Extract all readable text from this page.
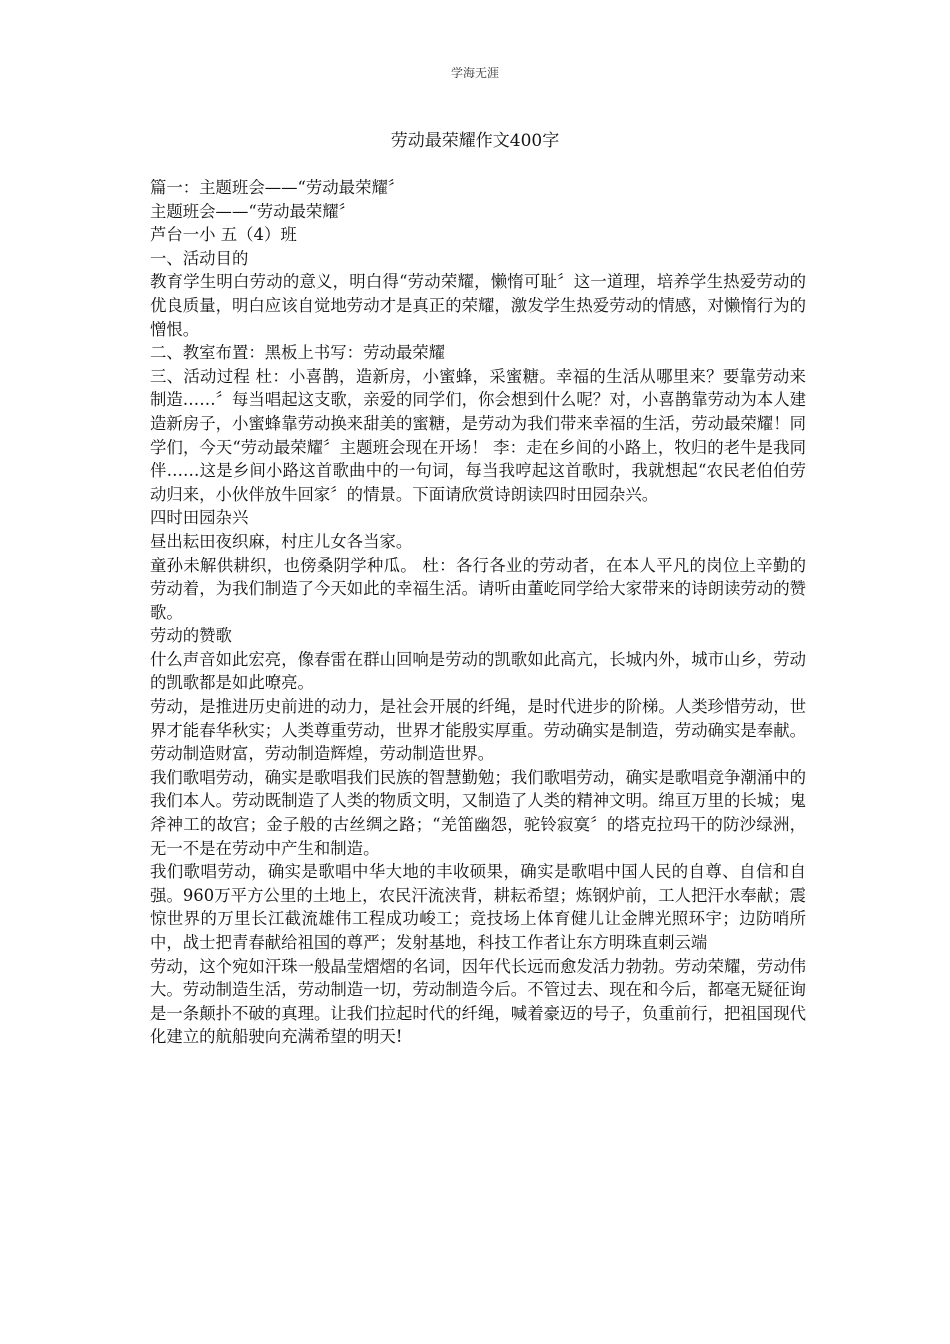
学海无涯
劳动最荣耀作文400字

篇一：主题班会——“劳动最荣耀〞

主题班会——“劳动最荣耀〞

芦台一小 五（4）班

一、活动目的

教育学生明白劳动的意义，明白得“劳动荣耀，懒惰可耻〞这一道理，培养学生热爱劳动的优良质量，明白应该自觉地劳动才是真正的荣耀，激发学生热爱劳动的情感，对懒惰行为的憎恨。

二、教室布置：黑板上书写：劳动最荣耀

三、活动过程 杜：小喜鹊，造新房，小蜜蜂，采蜜糖。幸福的生活从哪里来？要靠劳动来制造……〞每当唱起这支歌，亲爱的同学们，你会想到什么呢？对，小喜鹊靠劳动为本人建造新房子，小蜜蜂靠劳动换来甜美的蜜糖，是劳动为我们带来幸福的生活，劳动最荣耀！同学们，今天“劳动最荣耀〞主题班会现在开场！ 李：走在乡间的小路上，牧归的老牛是我同伴……这是乡间小路这首歌曲中的一句词，每当我哼起这首歌时，我就想起“农民老伯伯劳动归来，小伙伴放牛回家〞的情景。下面请欣赏诗朗读四时田园杂兴。

四时田园杂兴

昼出耘田夜织麻，村庄儿女各当家。

童孙未解供耕织，也傍桑阴学种瓜。 杜：各行各业的劳动者，在本人平凡的岗位上辛勤的劳动着，为我们制造了今天如此的幸福生活。请听由董屹同学给大家带来的诗朗读劳动的赞歌。

劳动的赞歌

什么声音如此宏亮，像春雷在群山回响是劳动的凯歌如此高亢，长城内外，城市山乡，劳动的凯歌都是如此嘹亮。

劳动，是推进历史前进的动力，是社会开展的纤绳，是时代进步的阶梯。人类珍惜劳动，世界才能春华秋实；人类尊重劳动，世界才能殷实厚重。劳动确实是制造，劳动确实是奉献。劳动制造财富，劳动制造辉煌，劳动制造世界。

我们歌唱劳动，确实是歌唱我们民族的智慧勤勉；我们歌唱劳动，确实是歌唱竞争潮涌中的我们本人。劳动既制造了人类的物质文明，又制造了人类的精神文明。绵亘万里的长城；鬼斧神工的故宫；金子般的古丝绸之路；“羌笛幽怨，驼铃寂寞〞的塔克拉玛干的防沙绿洲，无一不是在劳动中产生和制造。

我们歌唱劳动，确实是歌唱中华大地的丰收硕果，确实是歌唱中国人民的自尊、自信和自强。960万平方公里的土地上，农民汗流浃背，耕耘希望；炼钢炉前，工人把汗水奉献；震惊世界的万里长江截流雄伟工程成功峻工；竞技场上体育健儿让金牌光照环宇；边防哨所中，战士把青春献给祖国的尊严；发射基地，科技工作者让东方明珠直刺云端

劳动，这个宛如汗珠一般晶莹熠熠的名词，因年代长远而愈发活力勃勃。劳动荣耀，劳动伟大。劳动制造生活，劳动制造一切，劳动制造今后。不管过去、现在和今后，都毫无疑征询是一条颠扑不破的真理。让我们拉起时代的纤绳，喊着豪迈的号子，负重前行，把祖国现代化建立的航船驶向充满希望的明天!
